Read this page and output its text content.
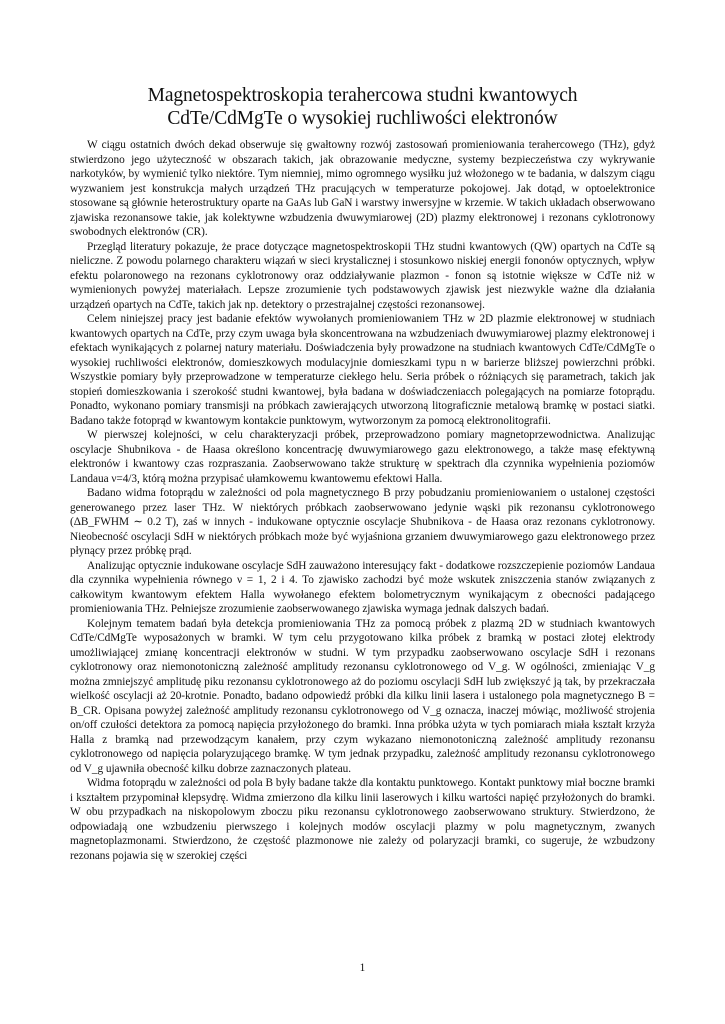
Magnetospektroskopia terahercowa studni kwantowych
CdTe/CdMgTe o wysokiej ruchliwości elektronów

W ciągu ostatnich dwóch dekad obserwuje się gwałtowny rozwój zastosowań promieniowania terahercowego (THz), gdyż stwierdzono jego użyteczność w obszarach takich, jak obrazowanie medyczne, systemy bezpieczeństwa czy wykrywanie narkotyków, by wymienić tylko niektóre. Tym niemniej, mimo ogromnego wysiłku już włożonego w te badania, w dalszym ciągu wyzwaniem jest konstrukcja małych urządzeń THz pracujących w temperaturze pokojowej. Jak dotąd, w optoelektronice stosowane są głównie heterostruktury oparte na GaAs lub GaN i warstwy inwersyjne w krzemie. W takich układach obserwowano zjawiska rezonansowe takie, jak kolektywne wzbudzenia dwuwymiarowej (2D) plazmy elektronowej i rezonans cyklotronowy swobodnych elektronów (CR).

Przegląd literatury pokazuje, że prace dotyczące magnetospektroskopii THz studni kwantowych (QW) opartych na CdTe są nieliczne. Z powodu polarnego charakteru wiązań w sieci krystalicznej i stosunkowo niskiej energii fononów optycznych, wpływ efektu polaronowego na rezonans cyklotronowy oraz oddziaływanie plazmon - fonon są istotnie większe w CdTe niż w wymienionych powyżej materiałach. Lepsze zrozumienie tych podstawowych zjawisk jest niezwykle ważne dla działania urządzeń opartych na CdTe, takich jak np. detektory o przestrajalnej częstości rezonansowej.

Celem niniejszej pracy jest badanie efektów wywołanych promieniowaniem THz w 2D plazmie elektronowej w studniach kwantowych opartych na CdTe, przy czym uwaga była skoncentrowana na wzbudzeniach dwuwymiarowej plazmy elektronowej i efektach wynikających z polarnej natury materiału. Doświadczenia były prowadzone na studniach kwantowych CdTe/CdMgTe o wysokiej ruchliwości elektronów, domieszkowych modulacyjnie domieszkami typu n w barierze bliższej powierzchni próbki. Wszystkie pomiary były przeprowadzone w temperaturze ciekłego helu. Seria próbek o różniących się parametrach, takich jak stopień domieszkowania i szerokość studni kwantowej, była badana w doświadczeniacch polegających na pomiarze fotoprądu. Ponadto, wykonano pomiary transmisji na próbkach zawierających utworzoną litograficznie metalową bramkę w postaci siatki. Badano także fotoprąd w kwantowym kontakcie punktowym, wytworzonym za pomocą elektronolitografii.

W pierwszej kolejności, w celu charakteryzacji próbek, przeprowadzono pomiary magnetoprzewodnictwa. Analizując oscylacje Shubnikova - de Haasa określono koncentrację dwuwymiarowego gazu elektronowego, a także masę efektywną elektronów i kwantowy czas rozpraszania. Zaobserwowano także strukturę w spektrach dla czynnika wypełnienia poziomów Landaua ν=4/3, którą można przypisać ułamkowemu kwantowemu efektowi Halla.

Badano widma fotoprądu w zależności od pola magnetycznego B przy pobudzaniu promieniowaniem o ustalonej częstości generowanego przez laser THz. W niektórych próbkach zaobserwowano jedynie wąski pik rezonansu cyklotronowego (ΔB_FWHM ∼ 0.2 T), zaś w innych - indukowane optycznie oscylacje Shubnikova - de Haasa oraz rezonans cyklotronowy. Nieobecność oscylacji SdH w niektórych próbkach może być wyjaśniona grzaniem dwuwymiarowego gazu elektronowego przez płynący przez próbkę prąd.

Analizując optycznie indukowane oscylacje SdH zauważono interesujący fakt - dodatkowe rozszczepienie poziomów Landaua dla czynnika wypełnienia równego ν = 1, 2 i 4. To zjawisko zachodzi być może wskutek zniszczenia stanów związanych z całkowitym kwantowym efektem Halla wywołanego efektem bolometrycznym wynikającym z obecności padającego promieniowania THz. Pełniejsze zrozumienie zaobserwowanego zjawiska wymaga jednak dalszych badań.

Kolejnym tematem badań była detekcja promieniowania THz za pomocą próbek z plazmą 2D w studniach kwantowych CdTe/CdMgTe wyposażonych w bramki. W tym celu przygotowano kilka próbek z bramką w postaci złotej elektrody umożliwiającej zmianę koncentracji elektronów w studni. W tym przypadku zaobserwowano oscylacje SdH i rezonans cyklotronowy oraz niemonotoniczną zależność amplitudy rezonansu cyklotronowego od V_g. W ogólności, zmieniając V_g można zmniejszyć amplitudę piku rezonansu cyklotronowego aż do poziomu oscylacji SdH lub zwiększyć ją tak, by przekraczała wielkość oscylacji aż 20-krotnie. Ponadto, badano odpowiedź próbki dla kilku linii lasera i ustalonego pola magnetycznego B = B_CR. Opisana powyżej zależność amplitudy rezonansu cyklotronowego od V_g oznacza, inaczej mówiąc, możliwość strojenia on/off czułości detektora za pomocą napięcia przyłożonego do bramki. Inna próbka użyta w tych pomiarach miała kształt krzyża Halla z bramką nad przewodzącym kanałem, przy czym wykazano niemonotoniczną zależność amplitudy rezonansu cyklotronowego od napięcia polaryzującego bramkę. W tym jednak przypadku, zależność amplitudy rezonansu cyklotronowego od V_g ujawniła obecność kilku dobrze zaznaczonych plateau.

Widma fotoprądu w zależności od pola B były badane także dla kontaktu punktowego. Kontakt punktowy miał boczne bramki i kształtem przypominał klepsydrę. Widma zmierzono dla kilku linii laserowych i kilku wartości napięć przyłożonych do bramki. W obu przypadkach na niskopolowym zboczu piku rezonansu cyklotronowego zaobserwowano struktury. Stwierdzono, że odpowiadają one wzbudzeniu pierwszego i kolejnych modów oscylacji plazmy w polu magnetycznym, zwanych magnetoplazmonami. Stwierdzono, że częstość plazmonowe nie zależy od polaryzacji bramki, co sugeruje, że wzbudzony rezonans pojawia się w szerokiej części

1
